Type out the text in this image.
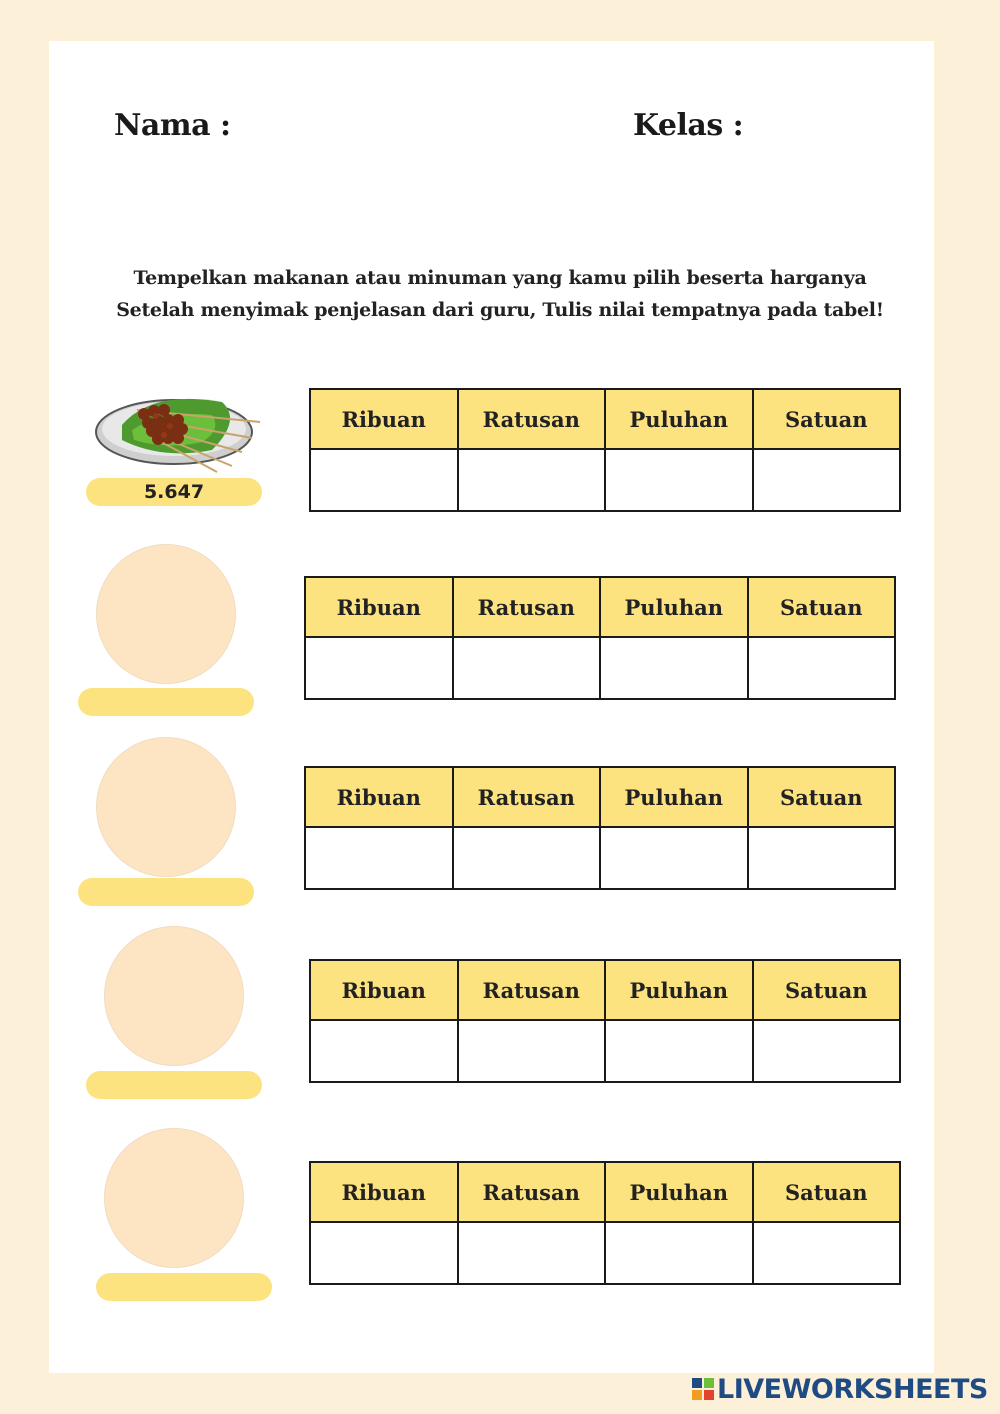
Nama :	Kelas :
Tempelkan makanan atau minuman yang kamu pilih beserta harganya
Setelah menyimak penjelasan dari guru, Tulis nilai tempatnya pada tabel!
5.647
Ribuan	Ratusan	Puluhan	Satuan

Ribuan	Ratusan	Puluhan	Satuan

Ribuan	Ratusan	Puluhan	Satuan

Ribuan	Ratusan	Puluhan	Satuan

Ribuan	Ratusan	Puluhan	Satuan

LIVEWORKSHEETS
